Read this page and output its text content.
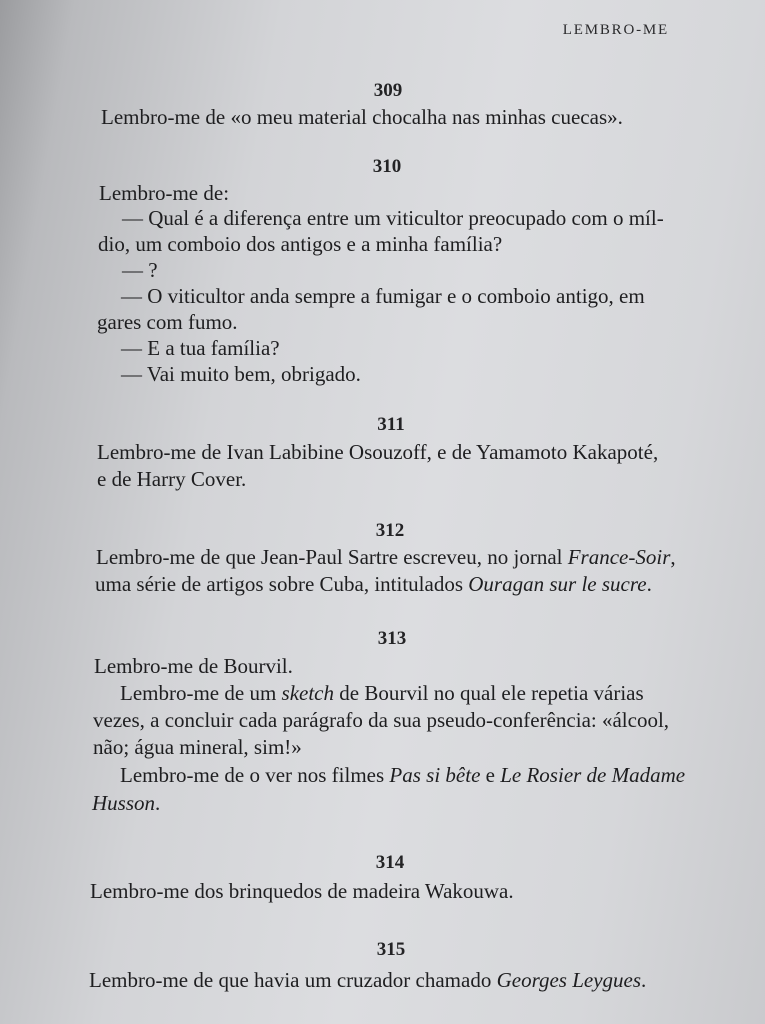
LEMBRO-ME
309
Lembro-me de «o meu material chocalha nas minhas cuecas».
310
Lembro-me de:
— Qual é a diferença entre um viticultor preocupado com o míl-
dio, um comboio dos antigos e a minha família?
— ?
— O viticultor anda sempre a fumigar e o comboio antigo, em
gares com fumo.
— E a tua família?
— Vai muito bem, obrigado.
311
Lembro-me de Ivan Labibine Osouzoff, e de Yamamoto Kakapoté,
e de Harry Cover.
312
Lembro-me de que Jean-Paul Sartre escreveu, no jornal France-Soir,
uma série de artigos sobre Cuba, intitulados Ouragan sur le sucre.
313
Lembro-me de Bourvil.
Lembro-me de um sketch de Bourvil no qual ele repetia várias
vezes, a concluir cada parágrafo da sua pseudo-conferência: «álcool,
não; água mineral, sim!»
Lembro-me de o ver nos filmes Pas si bête e Le Rosier de Madame
Husson.
314
Lembro-me dos brinquedos de madeira Wakouwa.
315
Lembro-me de que havia um cruzador chamado Georges Leygues.
